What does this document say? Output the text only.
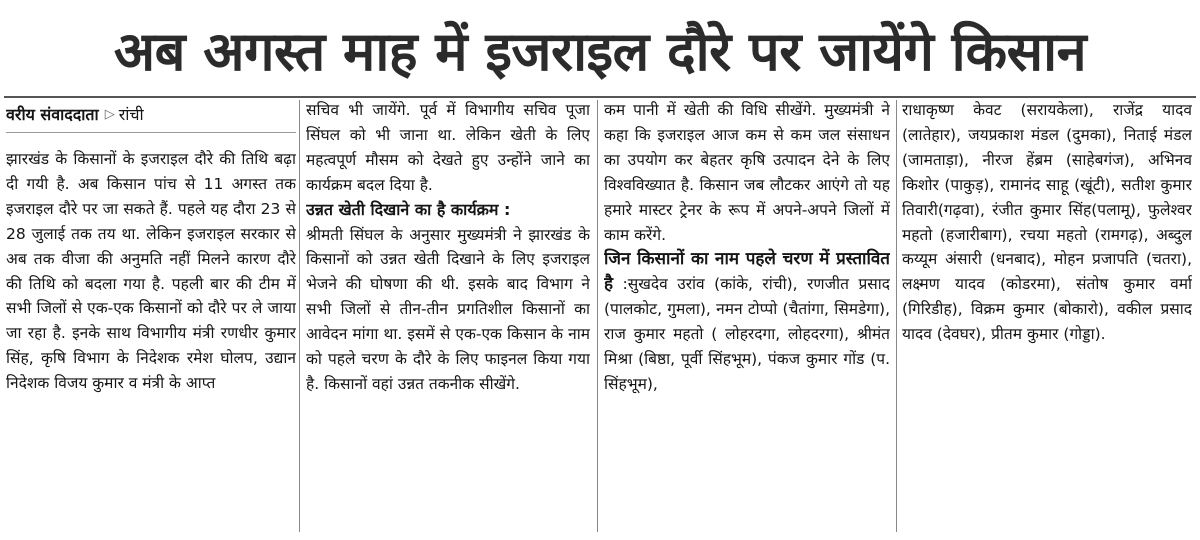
अब अगस्त माह में इजराइल दौरे पर जायेंगे किसान
वरीय संवाददाता ▷ रांची

झारखंड के किसानों के इजराइल दौरे की तिथि बढ़ा दी गयी है. अब किसान पांच से 11 अगस्त तक इजराइल दौरे पर जा सकते हैं. पहले यह दौरा 23 से 28 जुलाई तक तय था. लेकिन इजराइल सरकार से अब तक वीजा की अनुमति नहीं मिलने कारण दौरे की तिथि को बदला गया है. पहली बार की टीम में सभी जिलों से एक-एक किसानों को दौरे पर ले जाया जा रहा है. इनके साथ विभागीय मंत्री रणधीर कुमार सिंह, कृषि विभाग के निदेशक रमेश घोलप, उद्यान निदेशक विजय कुमार व मंत्री के आप्त

सचिव भी जायेंगे. पूर्व में विभागीय सचिव पूजा सिंघल को भी जाना था. लेकिन खेती के लिए महत्वपूर्ण मौसम को देखते हुए उन्होंने जाने का कार्यक्रम बदल दिया है.

उन्नत खेती दिखाने का है कार्यक्रम :

श्रीमती सिंघल के अनुसार मुख्यमंत्री ने झारखंड के किसानों को उन्नत खेती दिखाने के लिए इजराइल भेजने की घोषणा की थी. इसके बाद विभाग ने सभी जिलों से तीन-तीन प्रगतिशील किसानों का आवेदन मांगा था. इसमें से एक-एक किसान के नाम को पहले चरण के दौरे के लिए फाइनल किया गया है. किसानों वहां उन्नत तकनीक सीखेंगे.

कम पानी में खेती की विधि सीखेंगे. मुख्यमंत्री ने कहा कि इजराइल आज कम से कम जल संसाधन का उपयोग कर बेहतर कृषि उत्पादन देने के लिए विश्वविख्यात है. किसान जब लौटकर आएंगे तो यह हमारे मास्टर ट्रेनर के रूप में अपने-अपने जिलों में काम करेंगे.

जिन किसानों का नाम पहले चरण में प्रस्तावित है :सुखदेव उरांव (कांके, रांची), रणजीत प्रसाद (पालकोट, गुमला), नमन टोप्पो (चैतांगा, सिमडेगा), राज कुमार महतो ( लोहरदगा, लोहदरगा), श्रीमंत मिश्रा (बिष्ठा, पूर्वी सिंहभूम), पंकज कुमार गोंड (प. सिंहभूम),

राधाकृष्ण केवट (सरायकेला), राजेंद्र यादव (लातेहार), जयप्रकाश मंडल (दुमका), निताई मंडल (जामताड़ा), नीरज हेंब्रम (साहेबगंज), अभिनव किशोर (पाकुड़), रामानंद साहू (खूंटी), सतीश कुमार तिवारी(गढ़वा), रंजीत कुमार सिंह(पलामू), फुलेश्वर महतो (हजारीबाग), रचया महतो (रामगढ़), अब्दुल कय्यूम अंसारी (धनबाद), मोहन प्रजापति (चतरा), लक्ष्मण यादव (कोडरमा), संतोष कुमार वर्मा (गिरिडीह), विक्रम कुमार (बोकारो), वकील प्रसाद यादव (देवघर), प्रीतम कुमार (गोड्डा).
